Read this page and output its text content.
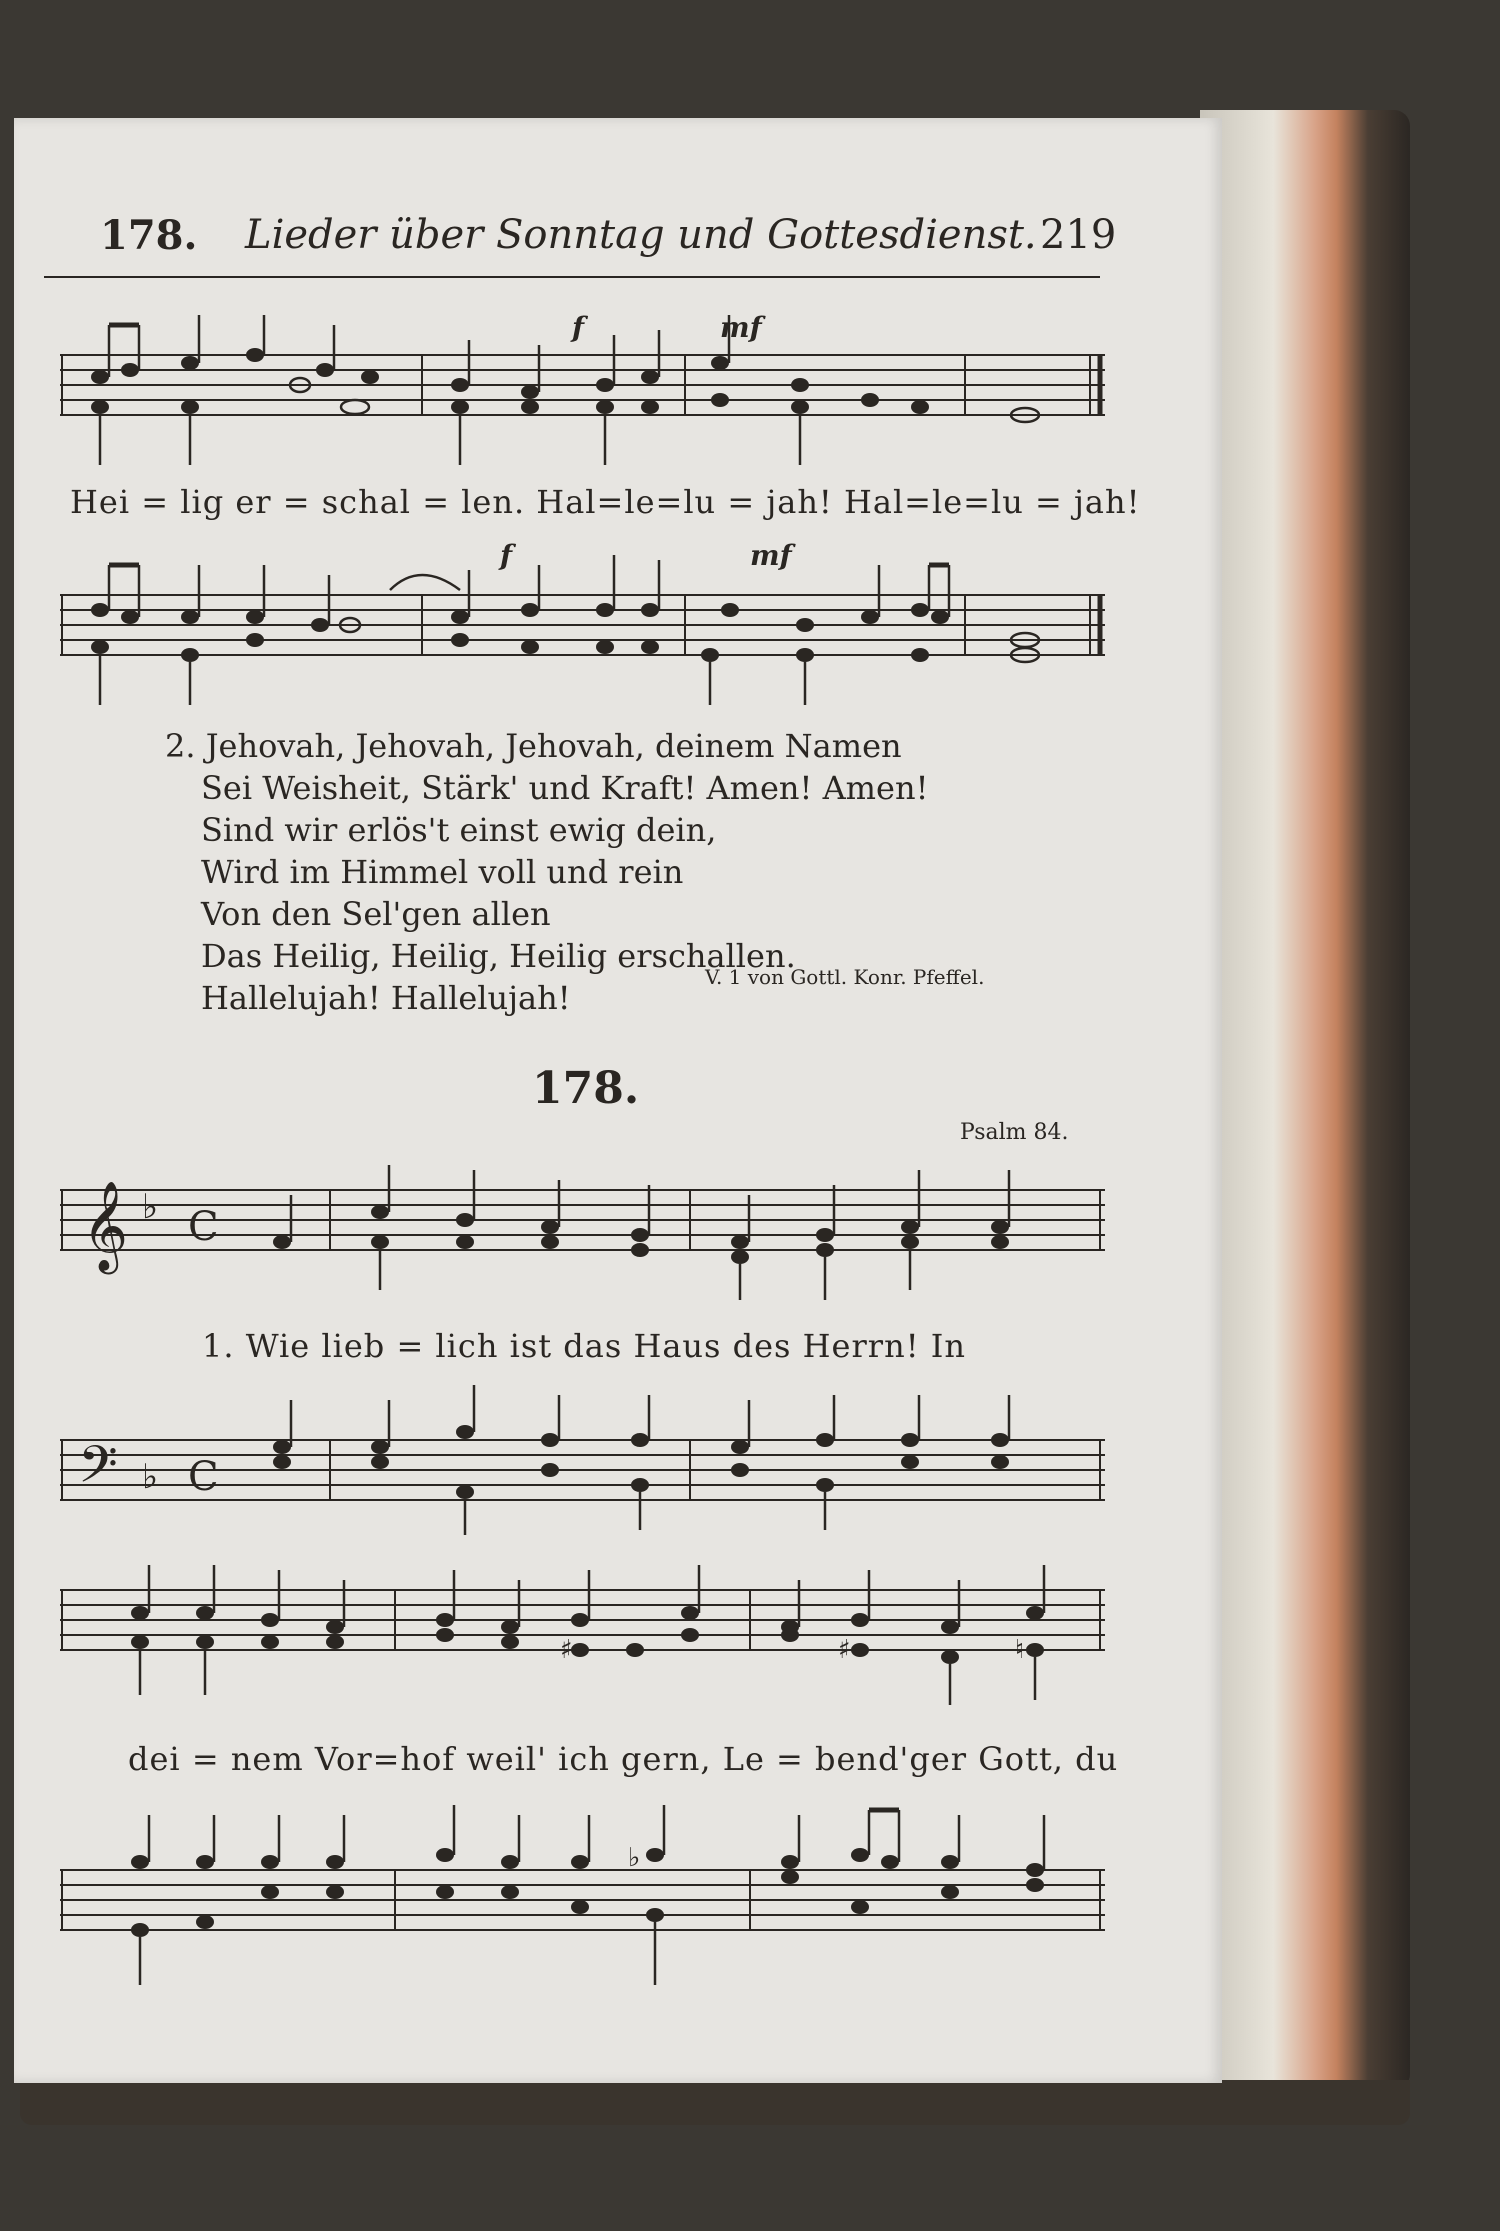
178. Lieder über Sonntag und Gottesdienst. 219
f	mf
Hei = lig er = schal = len. Hal=le=lu = jah! Hal=le=lu = jah!
f	mf
2. Jehovah, Jehovah, Jehovah, deinem Namen
Sei Weisheit, Stärk' und Kraft! Amen! Amen!
Sind wir erlös't einst ewig dein,
Wird im Himmel voll und rein
Von den Sel'gen allen
Das Heilig, Heilig, Heilig erschallen.
Hallelujah! Hallelujah!
V. 1 von Gottl. Konr. Pfeffel.
178.
Psalm 84.
𝄞 ♭ C
1. Wie lieb = lich ist das Haus des Herrn! In
𝄢 ♭ C
♯	♯	♮
dei = nem Vor=hof weil' ich gern, Le = bend'ger Gott, du
♭
